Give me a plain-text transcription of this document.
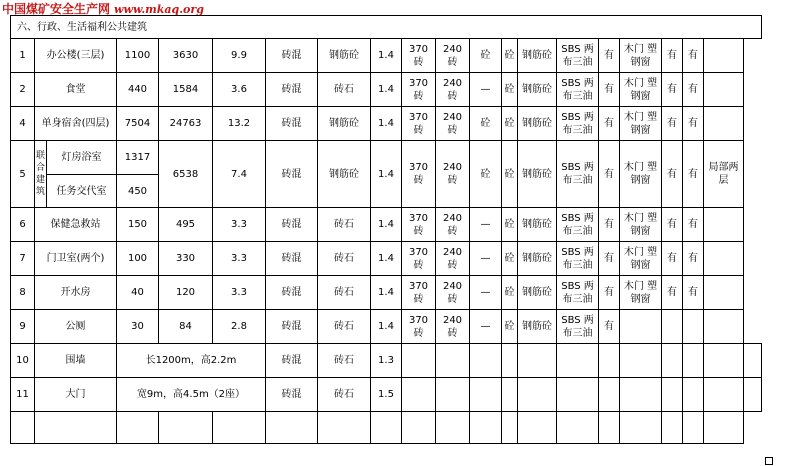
中国煤矿安全生产网 www.mkaq.org
六、行政、生活福利公共建筑																				
1	办公楼(三层)		1100	3630	9.9	砖混	钢筋砼	1.4	370 砖	240 砖	砼	砼	钢筋砼	SBS 两布三油	有	木门 塑钢窗	有	有		
2	食堂		440	1584	3.6	砖混	砖石	1.4	370 砖	240 砖	—	砼	钢筋砼	SBS 两布三油	有	木门 塑钢窗	有	有		
4	单身宿舍(四层)		7504	24763	13.2	砖混	钢筋砼	1.4	370 砖	240 砖	砼	砼	钢筋砼	SBS 两布三油	有	木门 塑钢窗	有	有		
5	联合建筑	灯房浴室	1317	6538	7.4	砖混	钢筋砼	1.4	370 砖	240 砖	砼	砼	钢筋砼	SBS 两布三油	有	木门 塑钢窗	有	有	局部两层	
		任务交代室	450																	
6	保健急救站		150	495	3.3	砖混	砖石	1.4	370 砖	240 砖	—	砼	钢筋砼	SBS 两布三油	有	木门 塑钢窗	有	有		
7	门卫室(两个)		100	330	3.3	砖混	砖石	1.4	370 砖	240 砖	—	砼	钢筋砼	SBS 两布三油	有	木门 塑钢窗	有	有		
8	开水房		40	120	3.3	砖混	砖石	1.4	370 砖	240 砖	—	砼	钢筋砼	SBS 两布三油	有	木门 塑钢窗	有	有		
9	公厕		30	84	2.8	砖混	砖石	1.4	370 砖	240 砖	—	砼	钢筋砼	SBS 两布三油	有					
10	围墙		长1200m，高2.2m			砖混	砖石	1.3												
11	大门		宽9m，高4.5m（2座）			砖混	砖石	1.5												
